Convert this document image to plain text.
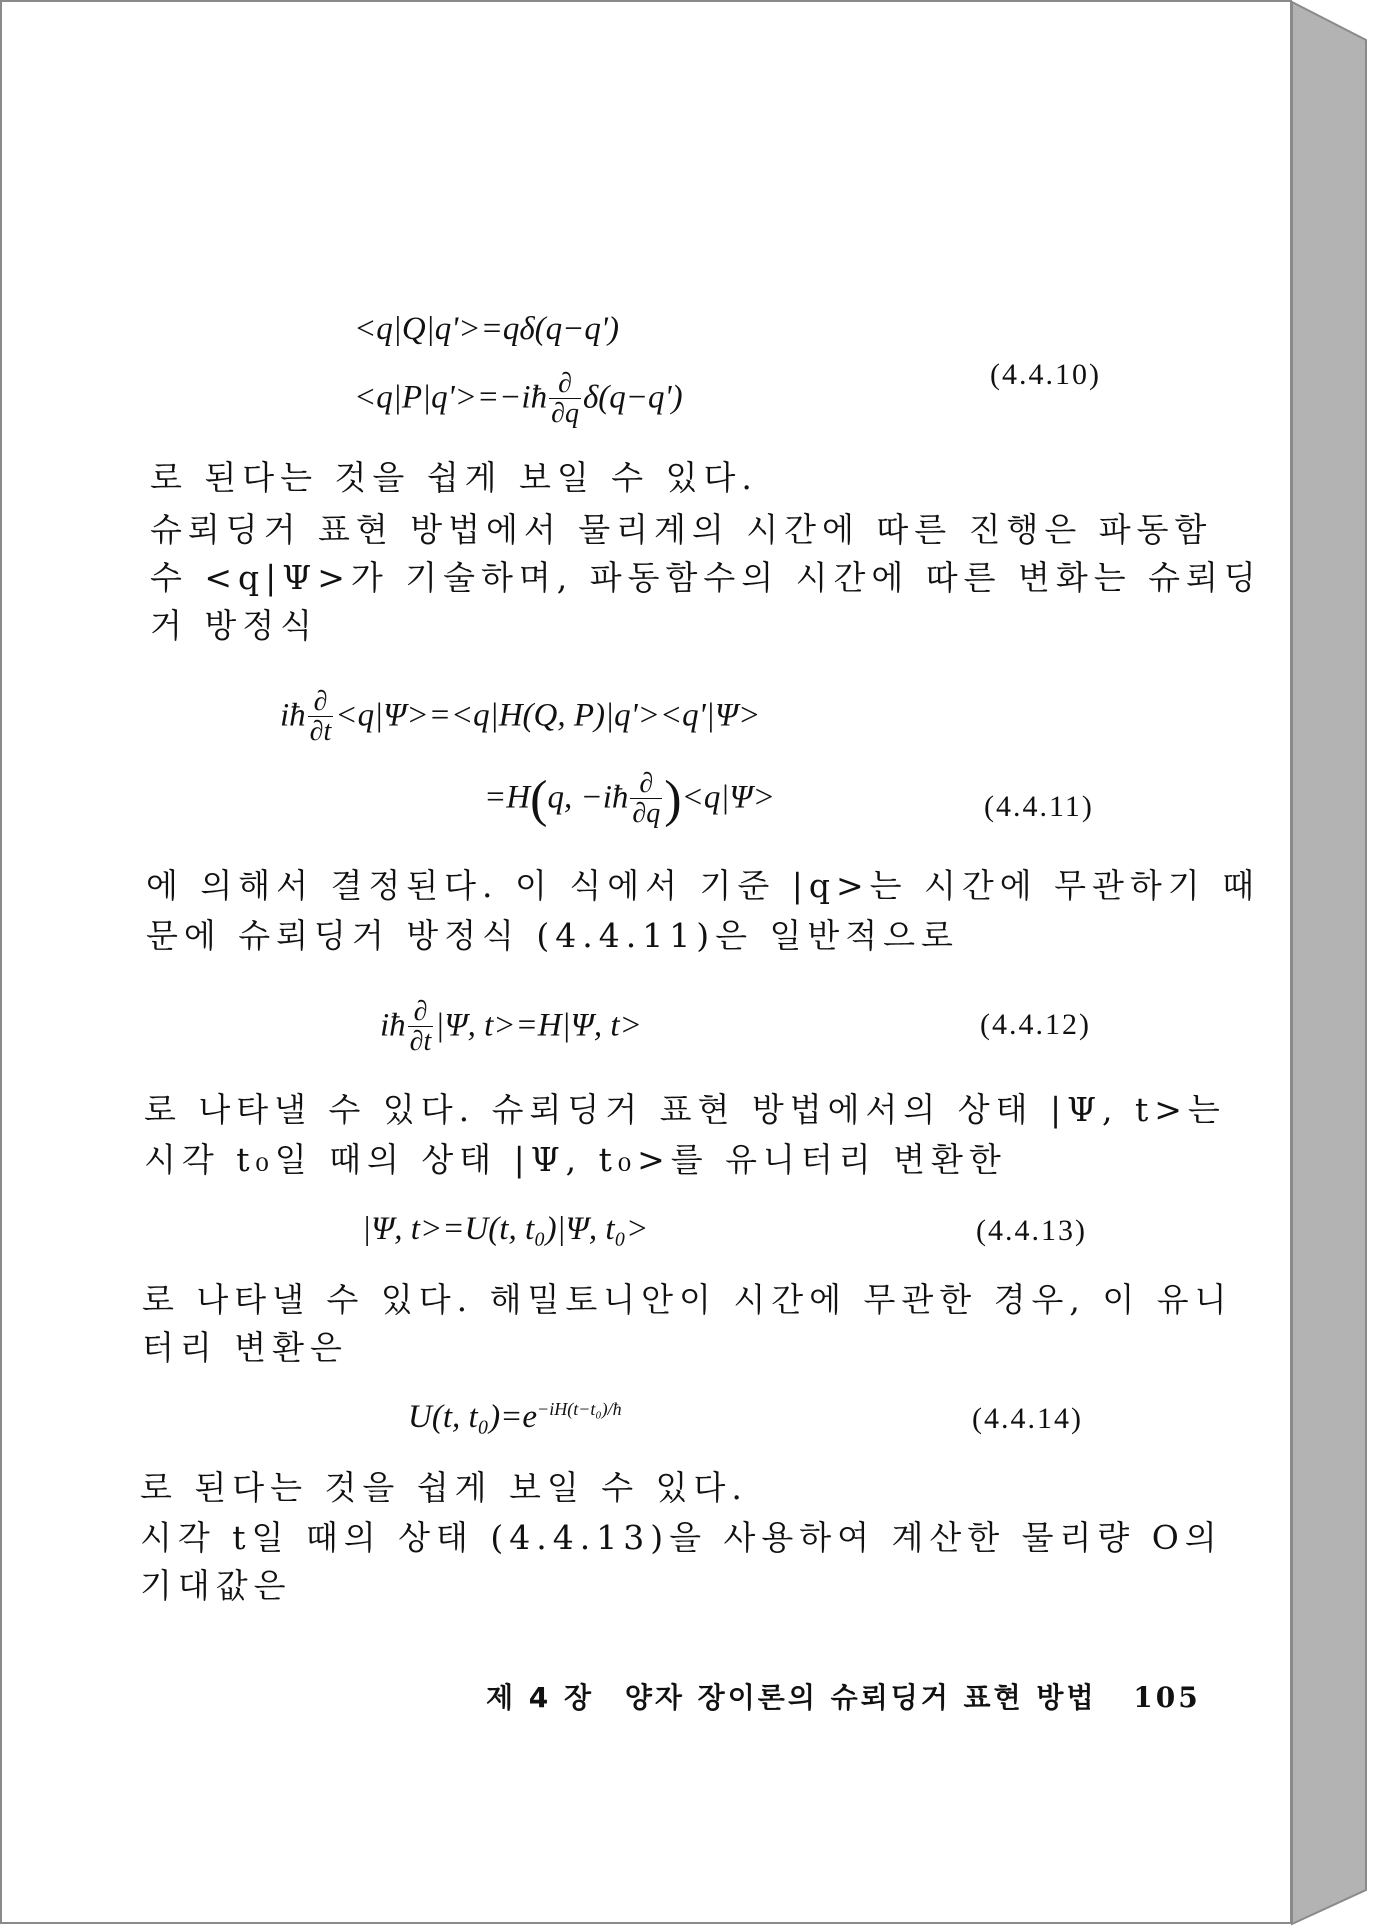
<q|Q|q'>=qδ(q−q')
<q|P|q'>=−iħ $\frac{\partial}{\partial q} \delta(q-q')$
(4.4.10)
로 된다는 것을 쉽게 보일 수 있다.
슈뢰딩거 표현 방법에서 물리계의 시간에 따른 진행은 파동함
수 <q|Ψ>가 기술하며, 파동함수의 시간에 따른 변화는 슈뢰딩
거 방정식
iħ $\frac{\partial}{\partial t} <q|\Psi>=<q|H(Q$, P)|q'><q'|Ψ>
=H(q, −iħ $\frac{\partial}{\partial q} )<q|\Psi>$	(4.4.11)
에 의해서 결정된다. 이 식에서 기준 |q>는 시간에 무관하기 때
문에 슈뢰딩거 방정식 (4.4.11)은 일반적으로
iħ $\frac{\partial}{\partial t} |\Psi$, t>=H|Ψ, t>	(4.4.12)
로 나타낼 수 있다. 슈뢰딩거 표현 방법에서의 상태 |Ψ, t>는
시각 t₀일 때의 상태 |Ψ, t₀>를 유니터리 변환한
|Ψ, t>=U(t, t₀)|Ψ, t₀>	(4.4.13)
로 나타낼 수 있다. 해밀토니안이 시간에 무관한 경우, 이 유니
터리 변환은
U(t, $t_0)=e^{-iH(t-t_0)/ħ}$	(4.4.14)
로 된다는 것을 쉽게 보일 수 있다.
시각 t일 때의 상태 (4.4.13)을 사용하여 계산한 물리량 O의
기대값은
제 4 장 양자 장이론의 슈뢰딩거 표현 방법 105
